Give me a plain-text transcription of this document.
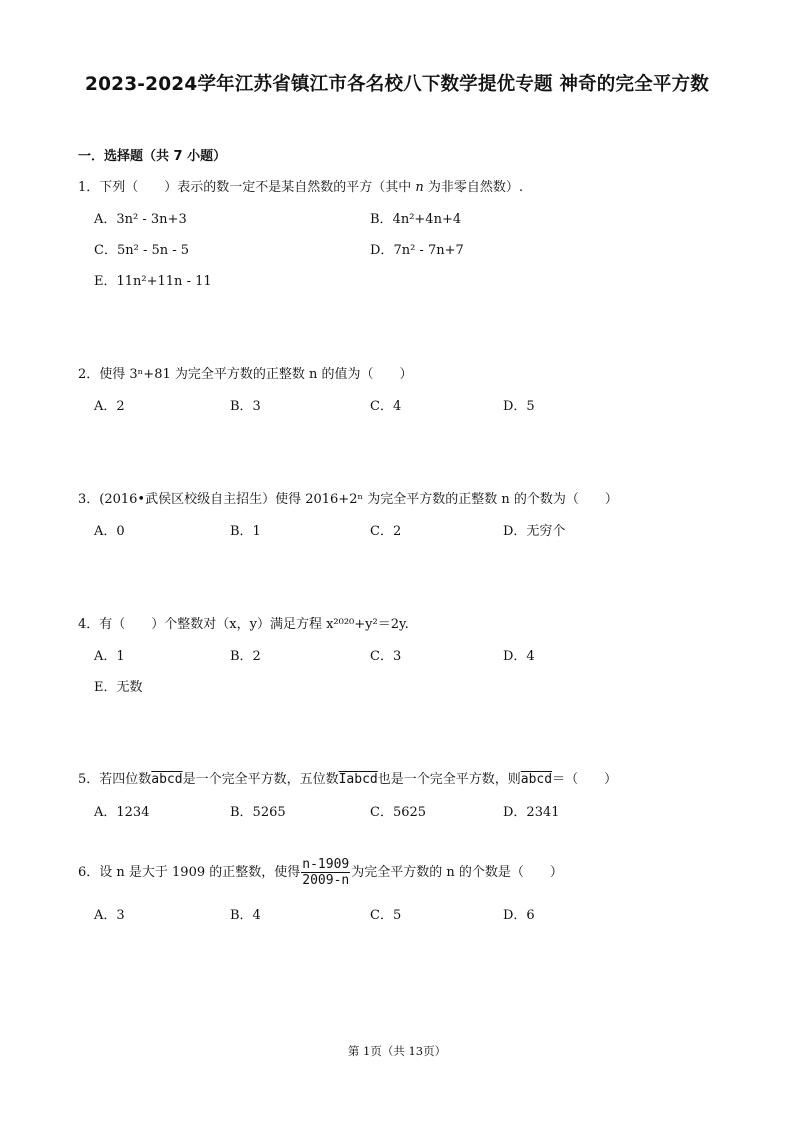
2023-2024学年江苏省镇江市各名校八下数学提优专题 神奇的完全平方数
一．选择题（共 7 小题）
1．下列（　　）表示的数一定不是某自然数的平方（其中 n 为非零自然数）.
A．3n² - 3n+3	B．4n²+4n+4
C．5n² - 5n - 5	D．7n² - 7n+7
E．11n²+11n - 11
2．使得 3ⁿ+81 为完全平方数的正整数 n 的值为（　　）
A．2	B．3	C．4	D．5
3．(2016•武侯区校级自主招生）使得 2016+2ⁿ 为完全平方数的正整数 n 的个数为（　　）
A．0	B．1	C．2	D．无穷个
4．有（　　）个整数对（x，y）满足方程 x²⁰²⁰+y²＝2y.
A．1	B．2	C．3	D．4
E．无数
5．若四位数abcd是一个完全平方数，五位数Iabcd也是一个完全平方数，则abcd＝（　　）
A．1234	B．5265	C．5625	D．2341
6．设 n 是大于 1909 的正整数，使得 $\frac{n-1909}{2009-n}$ 为完全平方数的 n 的个数是（　　）
A．3	B．4	C．5	D．6
第 1页（共 13页）
